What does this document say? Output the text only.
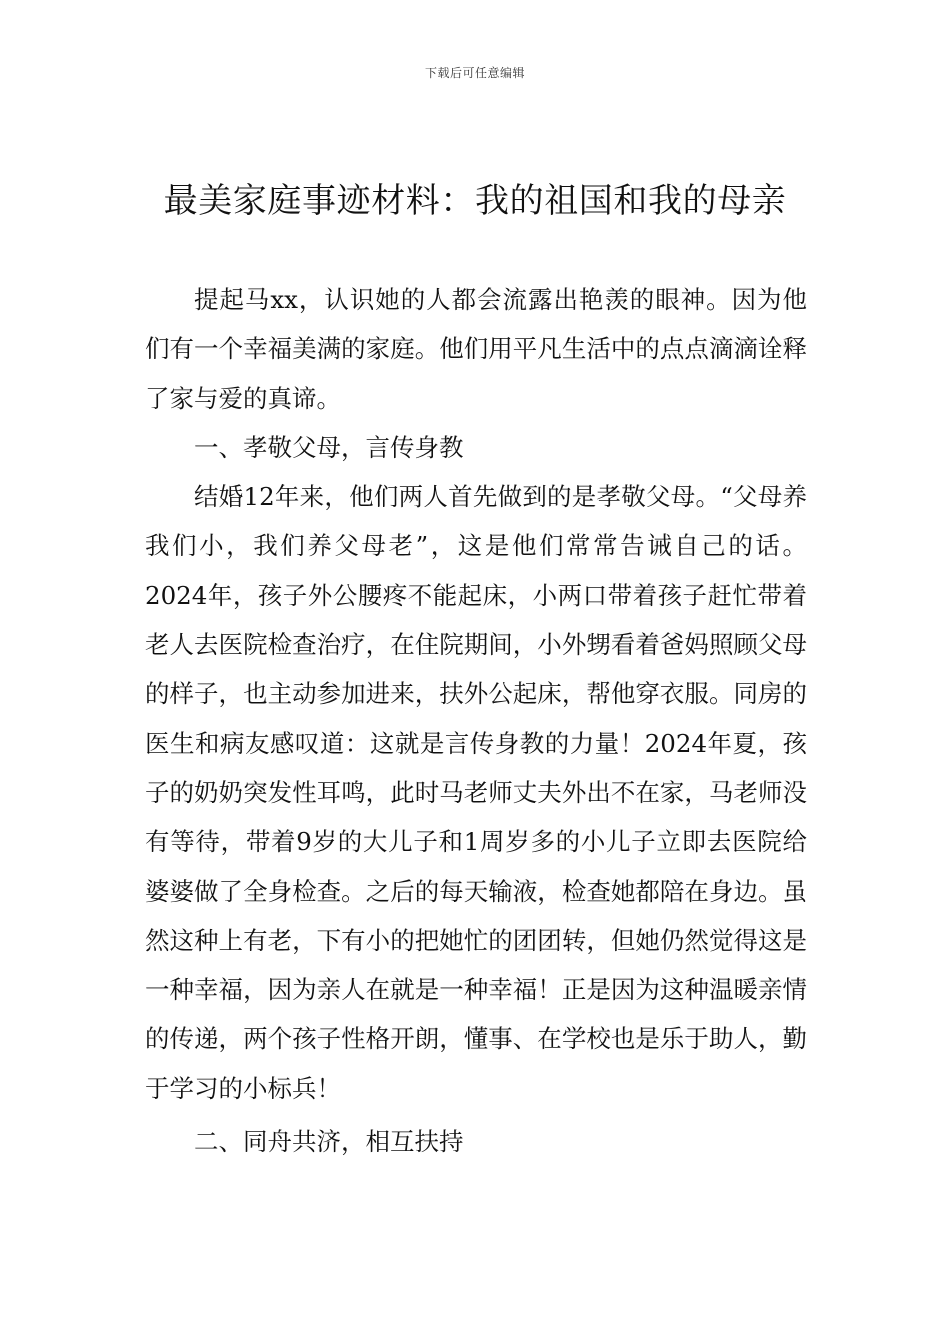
下载后可任意编辑
最美家庭事迹材料：我的祖国和我的母亲

提起马xx，认识她的人都会流露出艳羡的眼神。因为他们有一个幸福美满的家庭。他们用平凡生活中的点点滴滴诠释了家与爱的真谛。

一、孝敬父母，言传身教

结婚12年来，他们两人首先做到的是孝敬父母。“父母养我们小，我们养父母老”，这是他们常常告诫自己的话。2024年，孩子外公腰疼不能起床，小两口带着孩子赶忙带着老人去医院检查治疗，在住院期间，小外甥看着爸妈照顾父母的样子，也主动参加进来，扶外公起床，帮他穿衣服。同房的医生和病友感叹道：这就是言传身教的力量！2024年夏，孩子的奶奶突发性耳鸣，此时马老师丈夫外出不在家，马老师没有等待，带着9岁的大儿子和1周岁多的小儿子立即去医院给婆婆做了全身检查。之后的每天输液，检查她都陪在身边。虽然这种上有老，下有小的把她忙的团团转，但她仍然觉得这是一种幸福，因为亲人在就是一种幸福！正是因为这种温暖亲情的传递，两个孩子性格开朗，懂事、在学校也是乐于助人，勤于学习的小标兵！

二、同舟共济，相互扶持
